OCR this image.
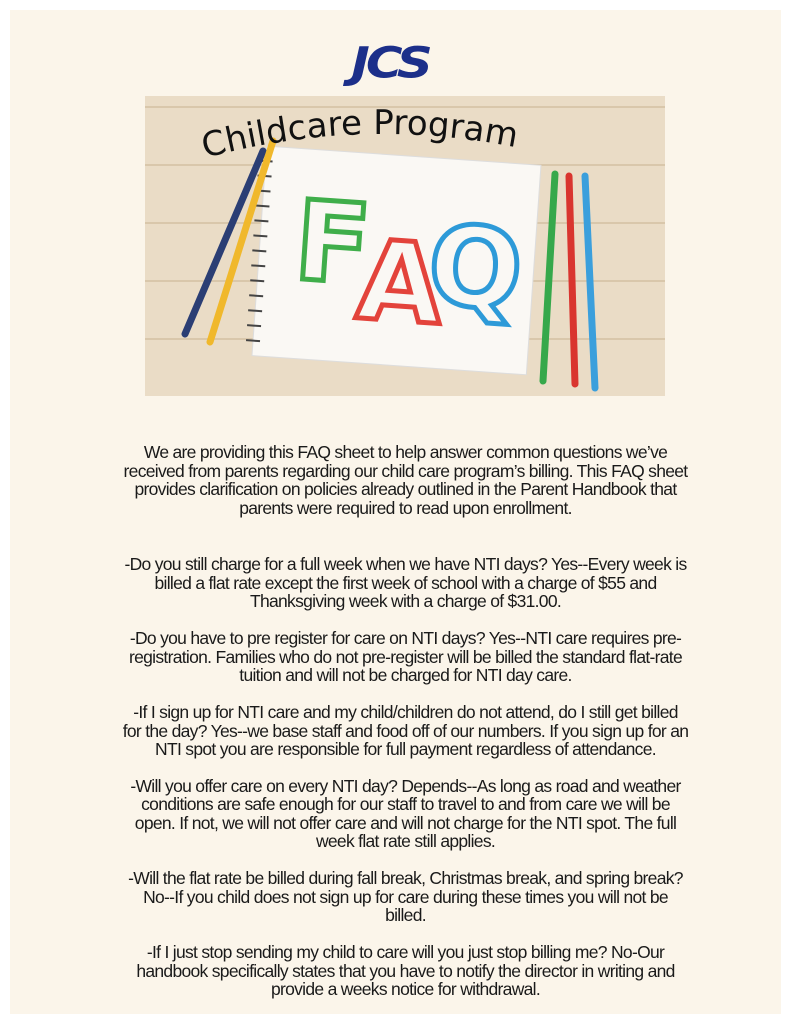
JCS
F
A
Q
Childcare Program
We are providing this FAQ sheet to help answer common questions we’ve
received from parents regarding our child care program’s billing. This FAQ sheet
provides clarification on policies already outlined in the Parent Handbook that
parents were required to read upon enrollment.
-Do you still charge for a full week when we have NTI days? Yes--Every week is
billed a flat rate except the first week of school with a charge of $55 and
Thanksgiving week with a charge of $31.00.
-Do you have to pre register for care on NTI days? Yes--NTI care requires pre-
registration. Families who do not pre-register will be billed the standard flat-rate
tuition and will not be charged for NTI day care.
-If I sign up for NTI care and my child/children do not attend, do I still get billed
for the day? Yes--we base staff and food off of our numbers. If you sign up for an
NTI spot you are responsible for full payment regardless of attendance.
-Will you offer care on every NTI day? Depends--As long as road and weather
conditions are safe enough for our staff to travel to and from care we will be
open. If not, we will not offer care and will not charge for the NTI spot. The full
week flat rate still applies.
-Will the flat rate be billed during fall break, Christmas break, and spring break?
No--If you child does not sign up for care during these times you will not be
billed.
-If I just stop sending my child to care will you just stop billing me? No-Our
handbook specifically states that you have to notify the director in writing and
provide a weeks notice for withdrawal.
